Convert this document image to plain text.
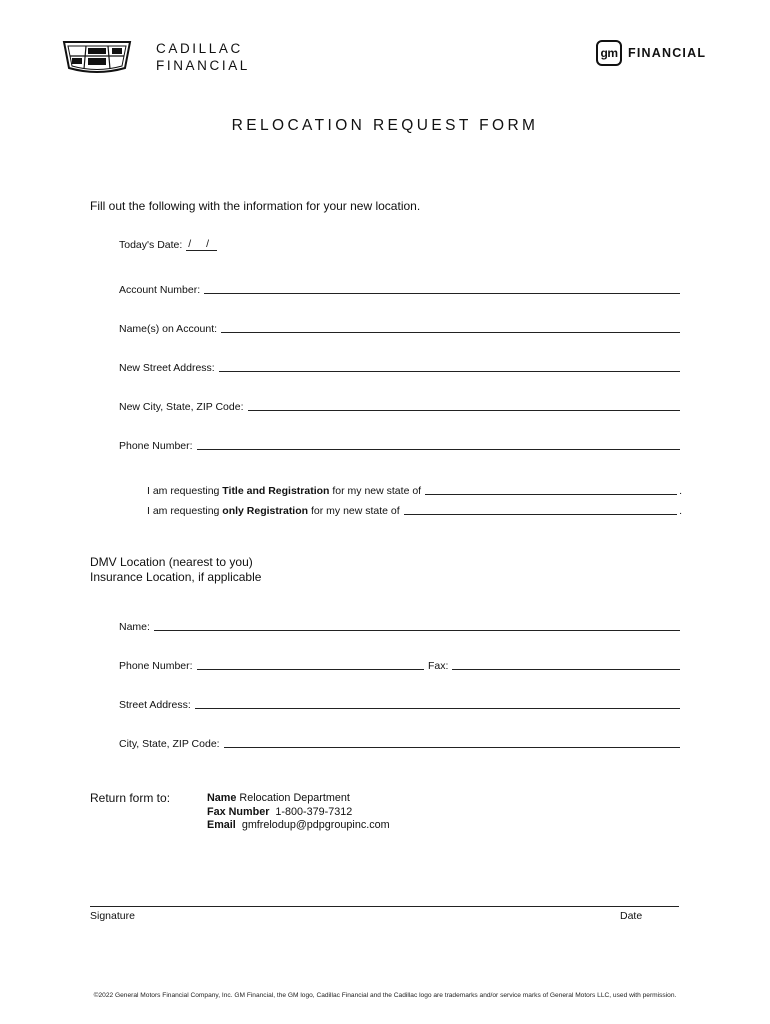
CADILLAC
FINANCIAL
gm FINANCIAL
RELOCATION REQUEST FORM
Fill out the following with the information for your new location.
Today's Date: / /
Account Number:
Name(s) on Account:
New Street Address:
New City, State, ZIP Code:
Phone Number:
I am requesting
Title and Registration
for my new state of	.
I am requesting
only Registration
for my new state of	.
DMV Location (nearest to you)
Insurance Location, if applicable
Name:
Phone Number:	Fax:
Street Address:
City, State, ZIP Code:
Return form to:	Name Relocation Department
Fax Number 1-800-379-7312
Email gmfrelodup@pdpgroupinc.com
Signature	Date
©2022 General Motors Financial Company, Inc. GM Financial, the GM logo, Cadillac Financial and the Cadillac logo are trademarks and/or service marks of General Motors LLC, used with permission.
